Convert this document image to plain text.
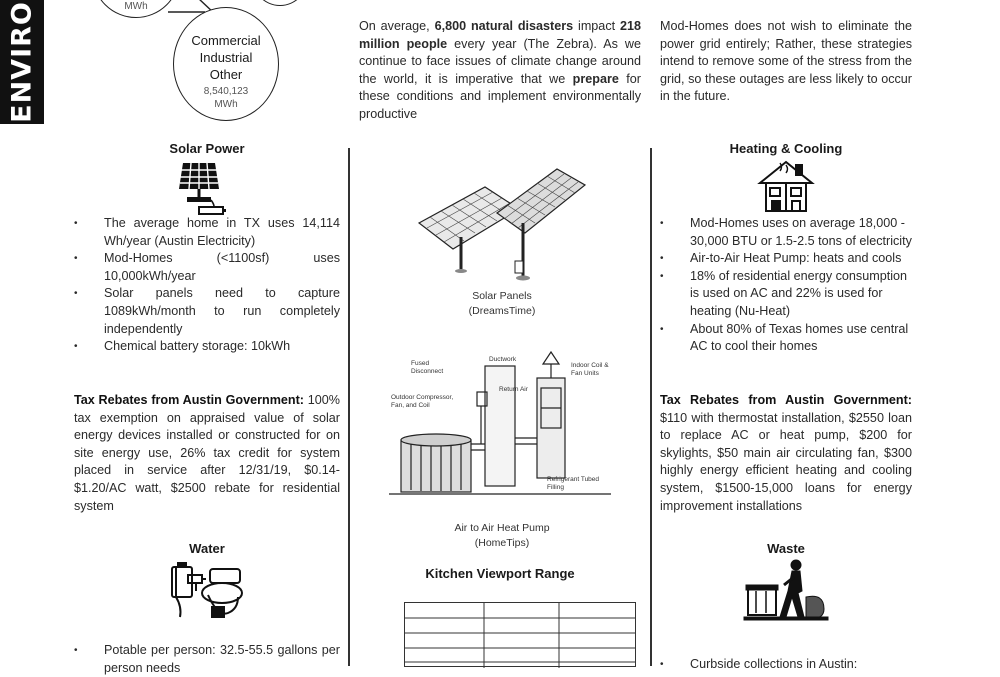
ENVIRO	MWh
Commercial
Industrial
Other
8,540,123
MWh

On average, 6,800 natural disasters impact 218 million people every year (The Zebra). As we continue to face issues of climate change around the world, it is imperative that we prepare for these conditions and implement environmentally productive

Mod-Homes does not wish to eliminate the power grid entirely; Rather, these strategies intend to remove some of the stress from the grid, so these outages are less likely to occur in the future.

Solar Power
• The average home in TX uses 14,114 Wh/year (Austin Electricity)
• Mod-Homes (<1100sf) uses 10,000kWh/year
• Solar panels need to capture 1089kWh/month to run completely independently
• Chemical battery storage: 10kWh

Tax Rebates from Austin Government: 100% tax exemption on appraised value of solar energy devices installed or constructed for on site energy use, 26% tax credit for system placed in service after 12/31/19, $0.14- $1.20/AC watt, $2500 rebate for residential system

Water
• Potable per person: 32.5-55.5 gallons per person needs

Solar Panels
(DreamsTime)

Fused Disconnect
Ductwork
Indoor Coil & Fan Units
Return Air
Outdoor Compressor, Fan, and Coil
Refrigerant Tubed Filling

Air to Air Heat Pump
(HomeTips)

Kitchen Viewport Range
Heating & Cooling
• Mod-Homes uses on average 18,000 - 30,000 BTU or 1.5-2.5 tons of electricity
• Air-to-Air Heat Pump: heats and cools
• 18% of residential energy consumption is used on AC and 22% is used for heating (Nu-Heat)
• About 80% of Texas homes use central AC to cool their homes

Tax Rebates from Austin Government: $110 with thermostat installation, $2550 loan to replace AC or heat pump, $200 for skylights, $50 main air circulating fan, $300 highly energy efficient heating and cooling system, $1500-15,000 loans for energy improvement installations

Waste
• Curbside collections in Austin:
